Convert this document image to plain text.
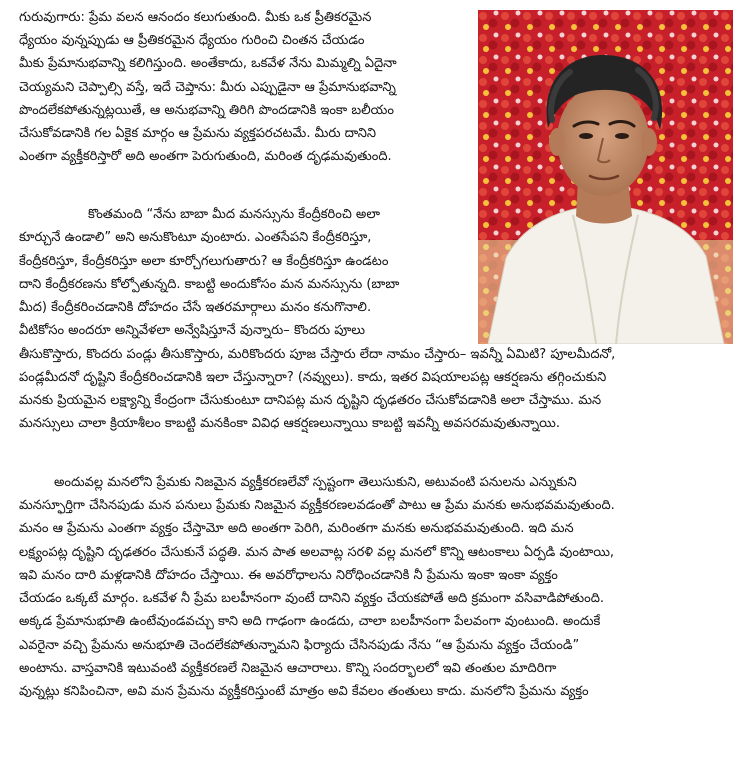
గురువుగారు: ప్రేమ వలన ఆనందం కలుగుతుంది. మీకు ఒక ప్రీతికరమైన
ధ్యేయం వున్నప్పుడు ఆ ప్రీతికరమైన ధ్యేయం గురించి చింతన చేయడం
మీకు ప్రేమానుభవాన్ని కలిగిస్తుంది. అంతేకాదు, ఒకవేళ నేను మిమ్మల్ని ఏదైనా
చెయ్యమని చెప్పాల్సి వస్తే, ఇదే చెప్తాను: మీరు ఎప్పుడైనా ఆ ప్రేమానుభవాన్ని
పొందలేకపోతున్నట్లయితే, ఆ అనుభవాన్ని తిరిగి పొందడానికి ఇంకా బలీయం
చేసుకోవడానికి గల ఏకైక మార్గం ఆ ప్రేమను వ్యక్తపరచటమే. మీరు దానిని
ఎంతగా వ్యక్తీకరిస్తారో అది అంతగా పెరుగుతుంది, మరింత దృఢమవుతుంది.
కొంతమంది “నేను బాబా మీద మనస్సును కేంద్రీకరించి అలా
కూర్చునే ఉండాలి” అని అనుకొంటూ వుంటారు. ఎంతసేపని కేంద్రీకరిస్తూ,
కేంద్రీకరిస్తూ, కేంద్రీకరిస్తూ అలా కూర్చోగలుగుతారు? ఆ కేంద్రీకరిస్తూ ఉండటం
దాని కేంద్రీకరణను కోల్పోతున్నది. కాబట్టి అందుకోసం మన మనస్సును (బాబా
మీద) కేంద్రీకరించడానికి దోహదం చేసే ఇతరమార్గాలు మనం కనుగొనాలి.
వీటికోసం అందరూ అన్నివేళలా అన్వేషిస్తూనే వున్నారు– కొందరు పూలు
తీసుకొస్తారు, కొందరు పండ్లు తీసుకొస్తారు, మరికొందరు పూజ చేస్తారు లేదా నామం చేస్తారు– ఇవన్నీ ఏమిటి? పూలమీదనో,
పండ్లమీదనో దృష్టిని కేంద్రీకరించడానికి ఇలా చేస్తున్నారా? (నవ్వులు). కాదు, ఇతర విషయాలపట్ల ఆకర్షణను తగ్గించుకుని
మనకు ప్రియమైన లక్ష్యాన్ని కేంద్రంగా చేసుకుంటూ దానిపట్ల మన దృష్టిని దృఢతరం చేసుకోవడానికి అలా చేస్తాము. మన
మనస్సులు చాలా క్రియాశీలం కాబట్టి మనకింకా వివిధ ఆకర్షణలున్నాయి కాబట్టి ఇవన్నీ అవసరమవుతున్నాయి.
అందువల్ల మనలోని ప్రేమకు నిజమైన వ్యక్తీకరణలేవో స్పష్టంగా తెలుసుకుని, అటువంటి పనులను ఎన్నుకుని
మనస్ఫూర్తిగా చేసినపుడు మన పనులు ప్రేమకు నిజమైన వ్యక్తీకరణలవడంతో పాటు ఆ ప్రేమ మనకు అనుభవమవుతుంది.
మనం ఆ ప్రేమను ఎంతగా వ్యక్తం చేస్తామో అది అంతగా పెరిగి, మరింతగా మనకు అనుభవమవుతుంది. ఇది మన
లక్ష్యంపట్ల దృష్టిని దృఢతరం చేసుకునే పద్ధతి. మన పాత అలవాట్ల సరళి వల్ల మనలో కొన్ని ఆటంకాలు ఏర్పడి వుంటాయి,
ఇవి మనం దారి మళ్లడానికి దోహదం చేస్తాయి. ఈ అవరోధాలను నిరోధించడానికి నీ ప్రేమను ఇంకా ఇంకా వ్యక్తం
చేయడం ఒక్కటే మార్గం. ఒకవేళ నీ ప్రేమ బలహీనంగా వుంటే దానిని వ్యక్తం చేయకపోతే అది క్రమంగా వసివాడిపోతుంది.
అక్కడ ప్రేమానుభూతి ఉంటేవుండవచ్చు కాని అది గాఢంగా ఉండదు, చాలా బలహీనంగా పేలవంగా వుంటుంది. అందుకే
ఎవరైనా వచ్చి ప్రేమను అనుభూతి చెందలేకపోతున్నామని ఫిర్యాదు చేసినపుడు నేను “ఆ ప్రేమను వ్యక్తం చేయండి”
అంటాను. వాస్తవానికి ఇటువంటి వ్యక్తీకరణలే నిజమైన ఆచారాలు. కొన్ని సందర్భాలలో ఇవి తంతుల మాదిరిగా
వున్నట్లు కనిపించినా, అవి మన ప్రేమను వ్యక్తీకరిస్తుంటే మాత్రం అవి కేవలం తంతులు కాదు. మనలోని ప్రేమను వ్యక్తం
